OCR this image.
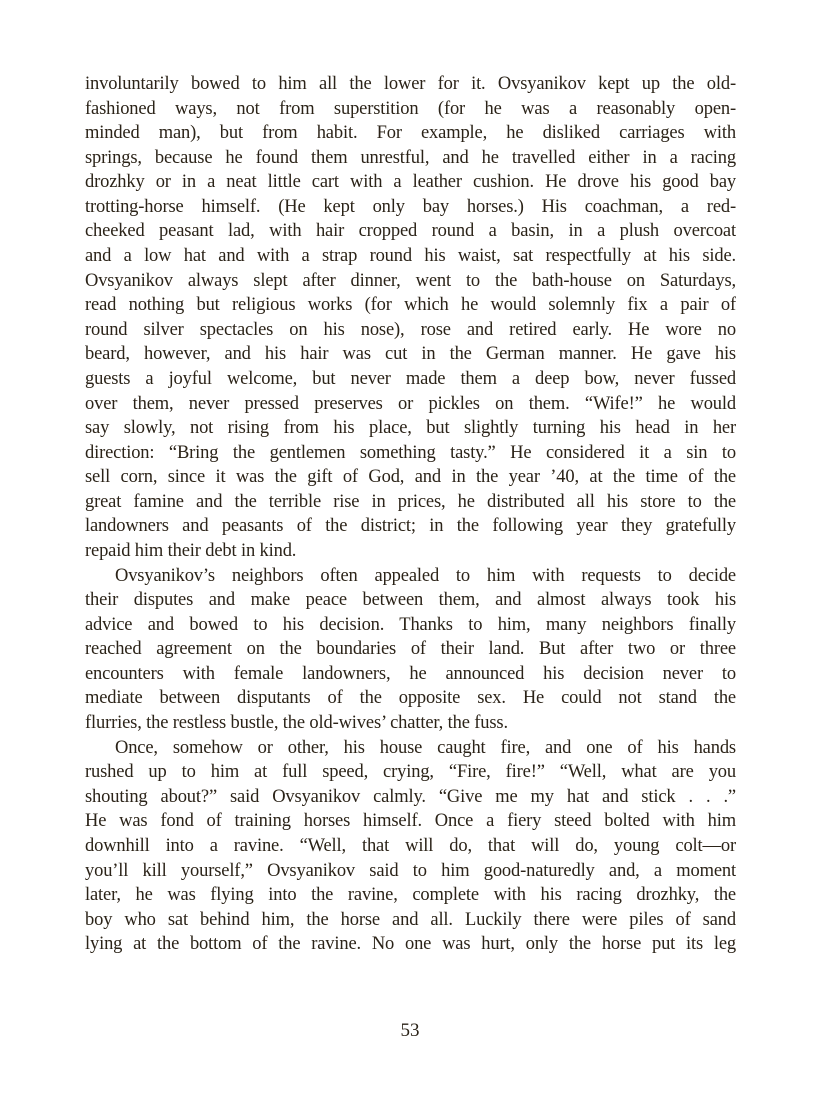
involuntarily bowed to him all the lower for it. Ovsyanikov kept up the old-
fashioned ways, not from superstition (for he was a reasonably open-
minded man), but from habit. For example, he disliked carriages with
springs, because he found them unrestful, and he travelled either in a racing
drozhky or in a neat little cart with a leather cushion. He drove his good bay
trotting-horse himself. (He kept only bay horses.) His coachman, a red-
cheeked peasant lad, with hair cropped round a basin, in a plush overcoat
and a low hat and with a strap round his waist, sat respectfully at his side.
Ovsyanikov always slept after dinner, went to the bath-house on Saturdays,
read nothing but religious works (for which he would solemnly fix a pair of
round silver spectacles on his nose), rose and retired early. He wore no
beard, however, and his hair was cut in the German manner. He gave his
guests a joyful welcome, but never made them a deep bow, never fussed
over them, never pressed preserves or pickles on them. “Wife!” he would
say slowly, not rising from his place, but slightly turning his head in her
direction: “Bring the gentlemen something tasty.” He considered it a sin to
sell corn, since it was the gift of God, and in the year ’40, at the time of the
great famine and the terrible rise in prices, he distributed all his store to the
landowners and peasants of the district; in the following year they gratefully
repaid him their debt in kind.
Ovsyanikov’s neighbors often appealed to him with requests to decide
their disputes and make peace between them, and almost always took his
advice and bowed to his decision. Thanks to him, many neighbors finally
reached agreement on the boundaries of their land. But after two or three
encounters with female landowners, he announced his decision never to
mediate between disputants of the opposite sex. He could not stand the
flurries, the restless bustle, the old-wives’ chatter, the fuss.
Once, somehow or other, his house caught fire, and one of his hands
rushed up to him at full speed, crying, “Fire, fire!” “Well, what are you
shouting about?” said Ovsyanikov calmly. “Give me my hat and stick . . .”
He was fond of training horses himself. Once a fiery steed bolted with him
downhill into a ravine. “Well, that will do, that will do, young colt—or
you’ll kill yourself,” Ovsyanikov said to him good-naturedly and, a moment
later, he was flying into the ravine, complete with his racing drozhky, the
boy who sat behind him, the horse and all. Luckily there were piles of sand
lying at the bottom of the ravine. No one was hurt, only the horse put its leg
53
